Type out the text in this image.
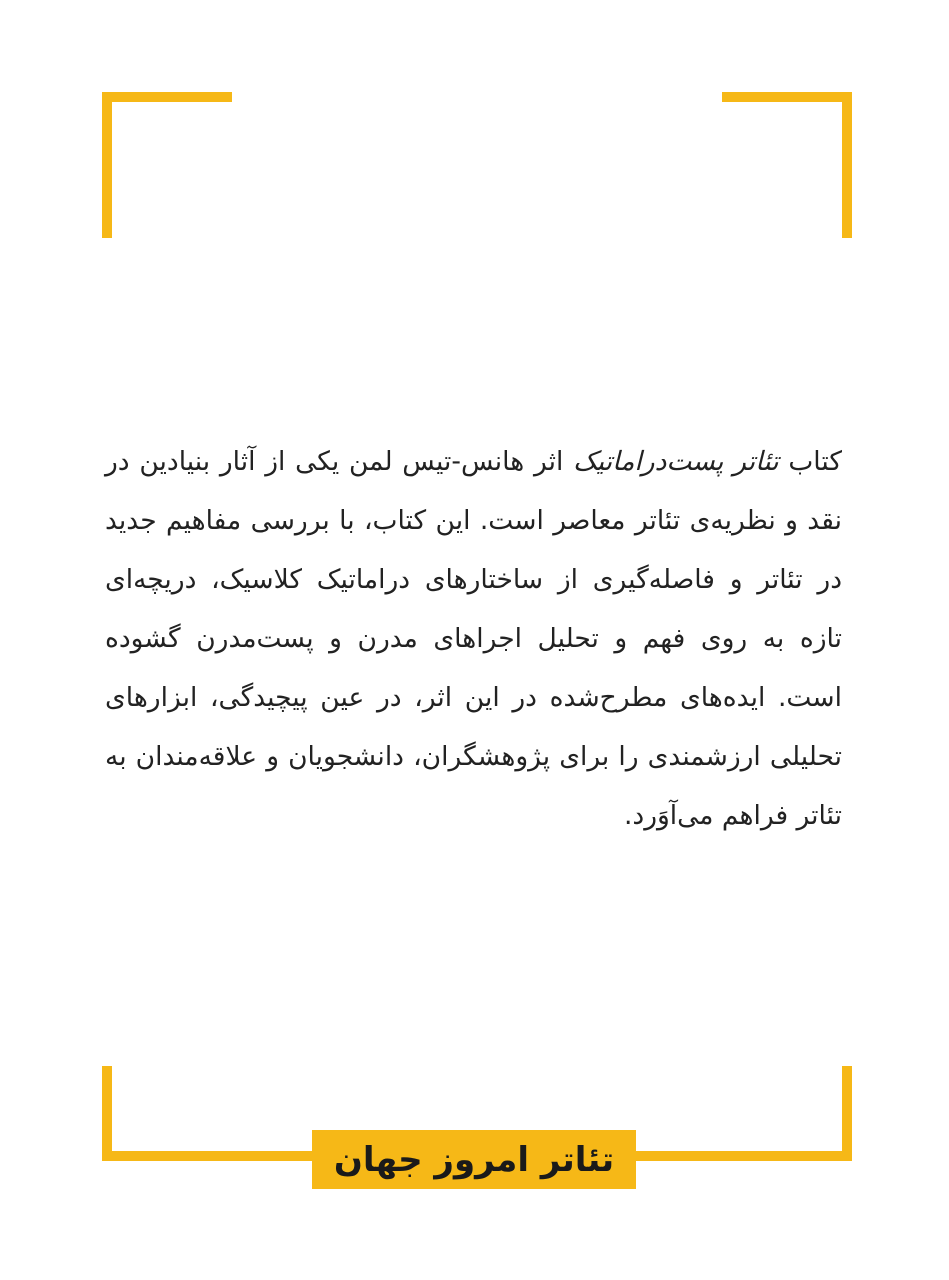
کتاب تئاتر پست‌دراماتیک اثر هانس-تیس لمن یکی از آثار بنیادین در نقد و نظریه‌ی تئاتر معاصر است. این کتاب، با بررسی مفاهیم جدید در تئاتر و فاصله‌گیری از ساختارهای دراماتیک کلاسیک، دریچه‌ای تازه به روی فهم و تحلیل اجراهای مدرن و پست‌مدرن گشوده است. ایده‌های مطرح‌شده در این اثر، در عین پیچیدگی، ابزارهای تحلیلی ارزشمندی را برای پژوهشگران، دانشجویان و علاقه‌مندان به تئاتر فراهم می‌آوَرد.

تئاتر امروز جهان
